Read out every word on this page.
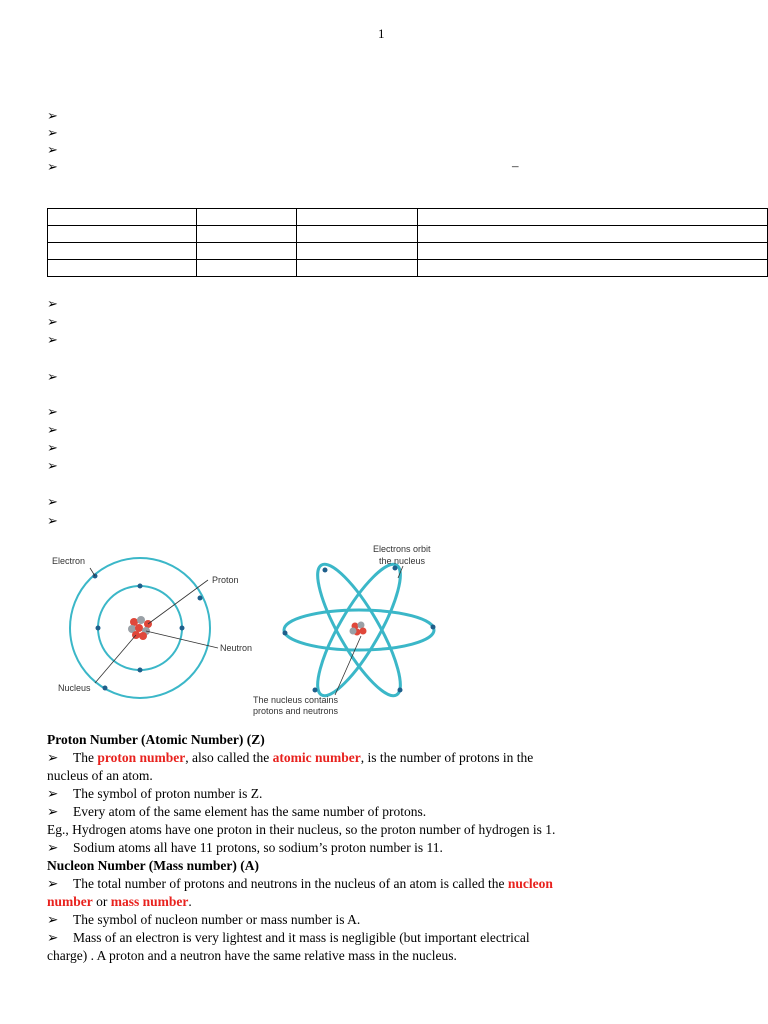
1
➢
➢
➢
➢	–

➢
➢
➢
➢
➢
➢
➢
➢
➢
➢
Electron
Proton
Neutron
Nucleus
Electrons orbit
the nucleus
The nucleus contains
protons and neutrons
Proton Number (Atomic Number) (Z)
➢ The proton number, also called the atomic number, is the number of protons in the
nucleus of an atom.
➢ The symbol of proton number is Z.
➢ Every atom of the same element has the same number of protons.
Eg., Hydrogen atoms have one proton in their nucleus, so the proton number of hydrogen is 1.
➢ Sodium atoms all have 11 protons, so sodium’s proton number is 11.
Nucleon Number (Mass number) (A)
➢ The total number of protons and neutrons in the nucleus of an atom is called the nucleon
number or mass number.
➢ The symbol of nucleon number or mass number is A.
➢ Mass of an electron is very lightest and it mass is negligible (but important electrical
charge) . A proton and a neutron have the same relative mass in the nucleus.
